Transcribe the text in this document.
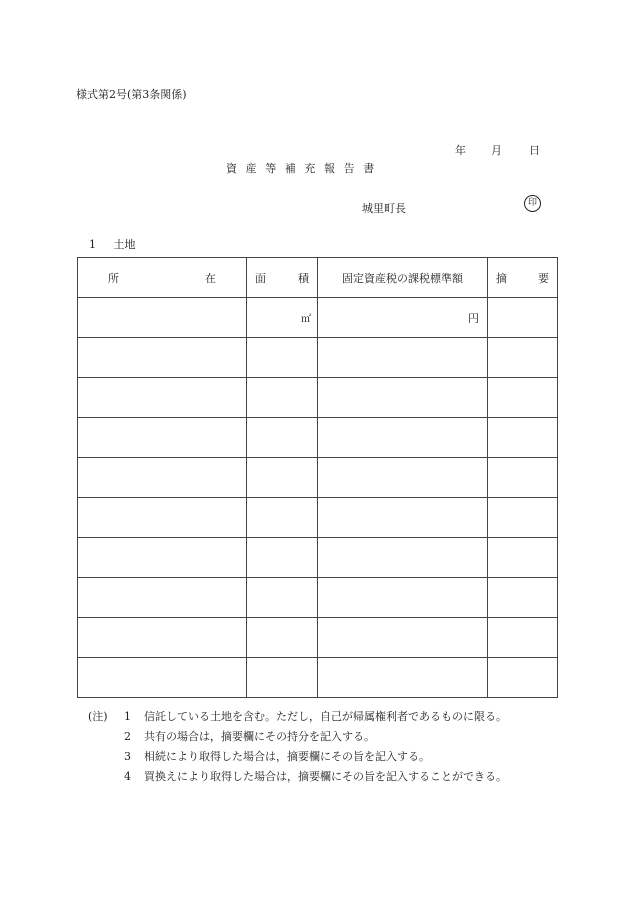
様式第2号(第3条関係)
年 月 日
資産等補充報告書
城里町長	印
1 土地
所 在	面 積	固定資産税の課税標準額	摘 要

	㎡	円	

(注)	1	信託している土地を含む。ただし，自己が帰属権利者であるものに限る。
2	共有の場合は，摘要欄にその持分を記入する。
3	相続により取得した場合は，摘要欄にその旨を記入する。
4	買換えにより取得した場合は，摘要欄にその旨を記入することができる。
